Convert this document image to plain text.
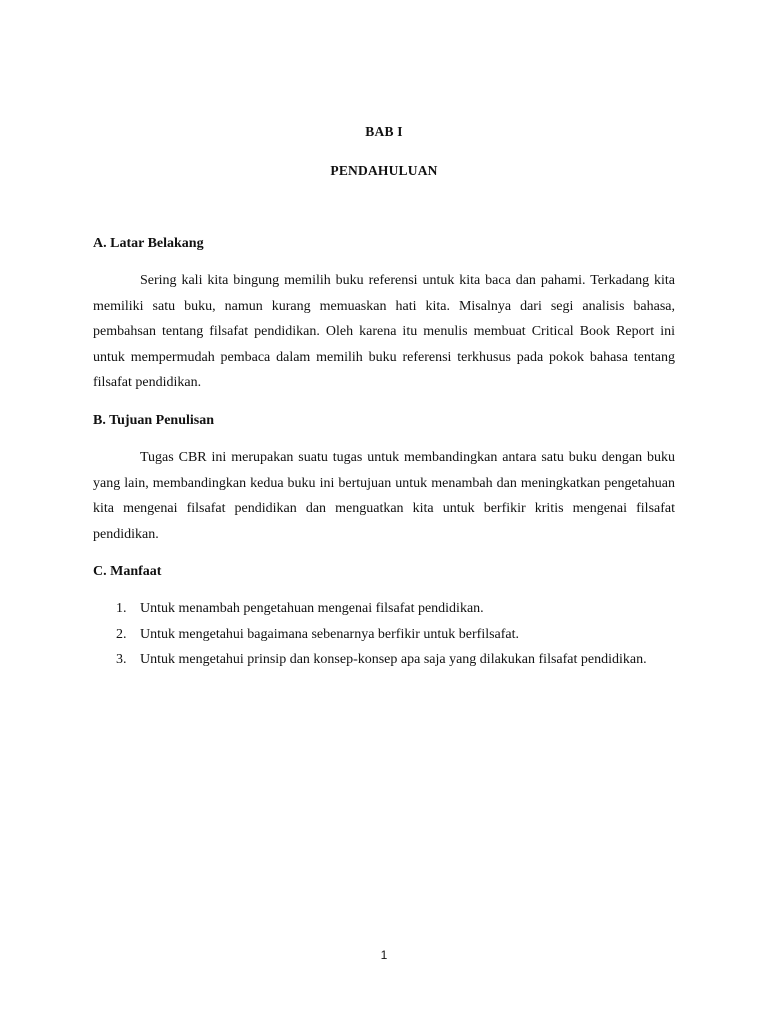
BAB I
PENDAHULUAN
A. Latar Belakang

Sering kali kita bingung memilih buku referensi untuk kita baca dan pahami. Terkadang kita memiliki satu buku, namun kurang memuaskan hati kita. Misalnya dari segi analisis bahasa, pembahsan tentang filsafat pendidikan. Oleh karena itu menulis membuat Critical Book Report ini untuk mempermudah pembaca dalam memilih buku referensi terkhusus pada pokok bahasa tentang filsafat pendidikan.

B. Tujuan Penulisan

Tugas CBR ini merupakan suatu tugas untuk membandingkan antara satu buku dengan buku yang lain, membandingkan kedua buku ini bertujuan untuk menambah dan meningkatkan pengetahuan kita mengenai filsafat pendidikan dan menguatkan kita untuk berfikir kritis mengenai filsafat pendidikan.

C. Manfaat
1. Untuk menambah pengetahuan mengenai filsafat pendidikan.
2. Untuk mengetahui bagaimana sebenarnya berfikir untuk berfilsafat.
3. Untuk mengetahui prinsip dan konsep-konsep apa saja yang dilakukan filsafat pendidikan.
1
